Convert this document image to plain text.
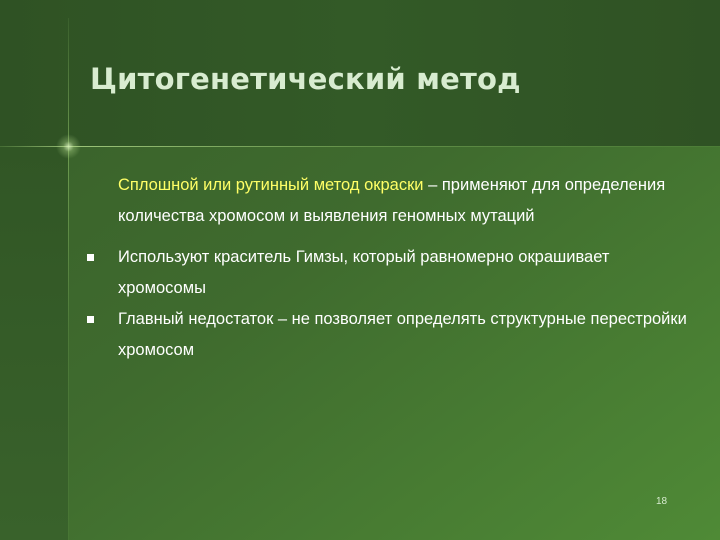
Цитогенетический метод

Сплошной или рутинный метод окраски – применяют для определения количества хромосом и выявления геномных мутаций

Используют краситель Гимзы, который равномерно окрашивает хромосомы
Главный недостаток – не позволяет определять структурные перестройки хромосом
18
